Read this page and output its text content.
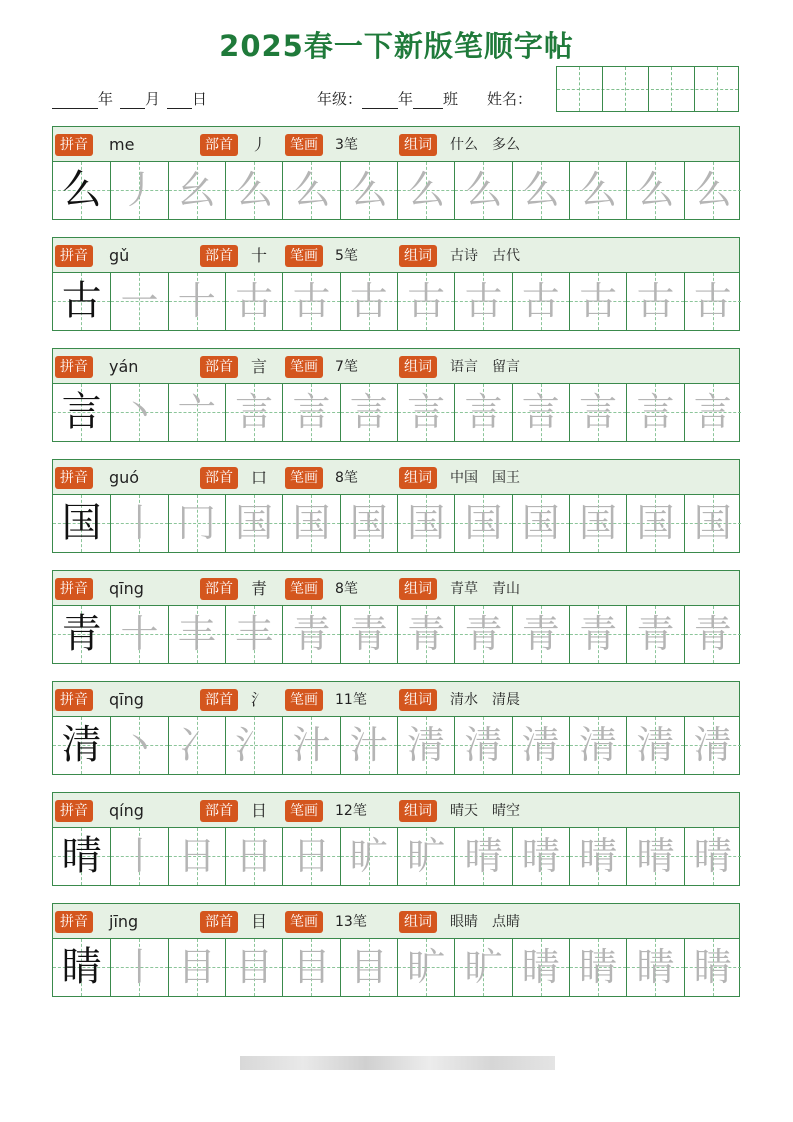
2025春一下新版笔顺字帖
年	月	日	年级： 年 班 姓名：
拼音	me	部首	丿	笔画	3笔	组词	什么　多么
么 丿 幺 么 么 么 么 么 么 么 么 么
拼音	gǔ	部首	十	笔画	5笔	组词	古诗　古代
古 一 十 古 古 古 古 古 古 古 古 古
拼音	yán	部首	言	笔画	7笔	组词	语言　留言
言 丶 亠 言 言 言 言 言 言 言 言 言
拼音	guó	部首	口	笔画	8笔	组词	中国　国王
国 丨 冂 国 国 国 国 国 国 国 国 国
拼音	qīng	部首	青	笔画	8笔	组词	青草　青山
青 十 丰 丰 青 青 青 青 青 青 青 青
拼音	qīng	部首	氵	笔画	11笔	组词	清水　清晨
清 丶 冫 氵 汁 汁 清 清 清 清 清 清
拼音	qíng	部首	日	笔画	12笔	组词	晴天　晴空
晴 丨 日 日 日 旷 旷 晴 晴 晴 晴 晴
拼音	jīng	部首	目	笔画	13笔	组词	眼睛　点睛
睛 丨 目 目 目 目 旷 旷 睛 睛 睛 睛
